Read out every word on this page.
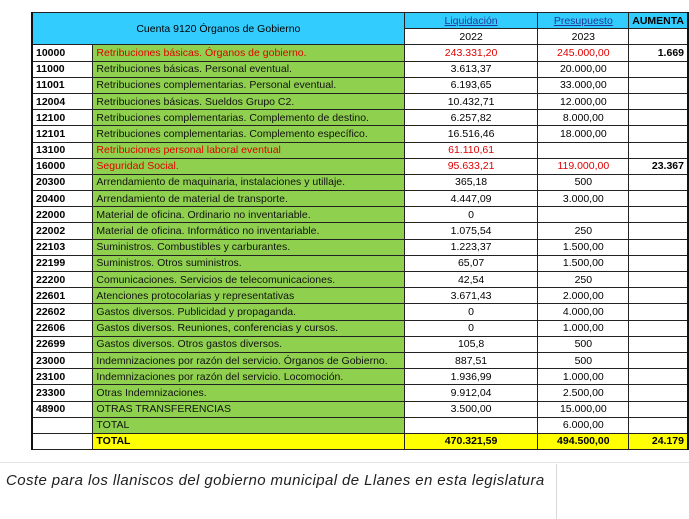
Cuenta 9120 Órganos de Gobierno		Liquidación	Presupuesto	AUMENTA
		2022	2023	
10000	Retribuciones básicas. Órganos de gobierno.	243.331,20	245.000,00	1.669
11000	Retribuciones básicas. Personal eventual.	3.613,37	20.000,00	
11001	Retribuciones complementarias. Personal eventual.	6.193,65	33.000,00	
12004	Retribuciones básicas. Sueldos Grupo C2.	10.432,71	12.000,00	
12100	Retribuciones complementarias. Complemento de destino.	6.257,82	8.000,00	
12101	Retribuciones complementarias. Complemento específico.	16.516,46	18.000,00	
13100	Retribuciones personal laboral eventual	61.110,61		
16000	Seguridad Social.	95.633,21	119.000,00	23.367
20300	Arrendamiento de maquinaria, instalaciones y utillaje.	365,18	500	
20400	Arrendamiento de material de transporte.	4.447,09	3.000,00	
22000	Material de oficina. Ordinario no inventariable.	0		
22002	Material de oficina. Informático no inventariable.	1.075,54	250	
22103	Suministros. Combustibles y carburantes.	1.223,37	1.500,00	
22199	Suministros. Otros suministros.	65,07	1.500,00	
22200	Comunicaciones. Servicios de telecomunicaciones.	42,54	250	
22601	Atenciones protocolarias y representativas	3.671,43	2.000,00	
22602	Gastos diversos. Publicidad y propaganda.	0	4.000,00	
22606	Gastos diversos. Reuniones, conferencias y cursos.	0	1.000,00	
22699	Gastos diversos. Otros gastos diversos.	105,8	500	
23000	Indemnizaciones por razón del servicio. Órganos de Gobierno.	887,51	500	
23100	Indemnizaciones por razón del servicio. Locomoción.	1.936,99	1.000,00	
23300	Otras Indemnizaciones.	9.912,04	2.500,00	
48900	OTRAS TRANSFERENCIAS	3.500,00	15.000,00	
	TOTAL		6.000,00	
	TOTAL	470.321,59	494.500,00	24.179
Coste para los llaniscos del gobierno municipal de Llanes en esta legislatura
